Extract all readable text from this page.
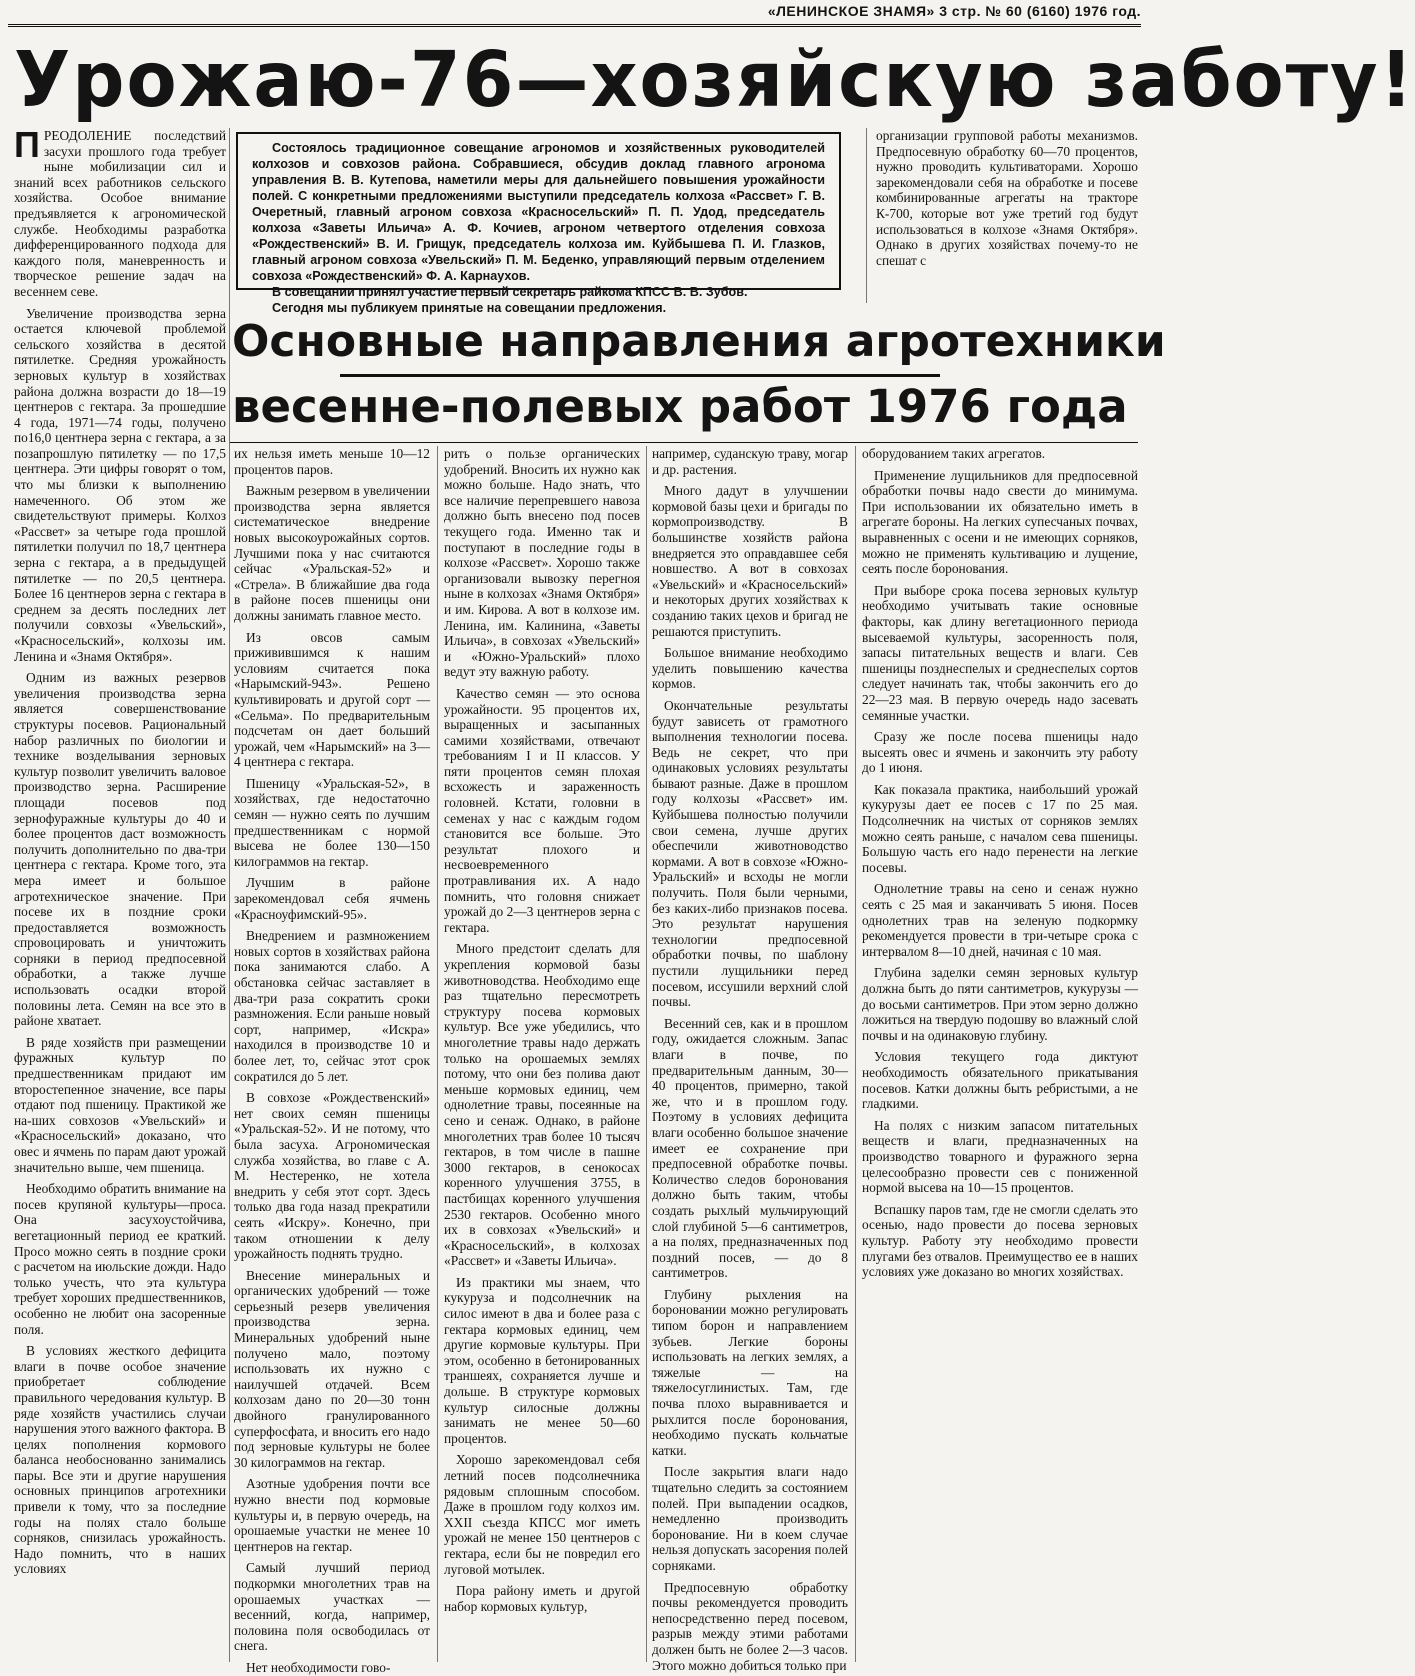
«ЛЕНИНСКОЕ ЗНАМЯ» 3 стр. № 60 (6160) 1976 год.
Урожаю-76—хозяйскую заботу!

ПРЕОДОЛЕНИЕ последствий засухи прошлого года требует ныне мобилизации сил и знаний всех работников сельского хозяйства. Особое внимание предъявляется к агрономической службе. Необходимы разработка дифференцированного подхода для каждого поля, маневренность и творческое решение задач на весеннем севе.

Увеличение производства зерна остается ключевой проблемой сельского хозяйства в десятой пятилетке. Средняя урожайность зерновых культур в хозяйствах района должна возрасти до 18—19 центнеров с гектара. За прошедшие 4 года, 1971—74 годы, получено по16,0 центнера зерна с гектара, а за позапрошлую пятилетку — по 17,5 центнера. Эти цифры говорят о том, что мы близки к выполнению намеченного. Об этом же свидетельствуют примеры. Колхоз «Рассвет» за четыре года прошлой пятилетки получил по 18,7 центнера зерна с гектара, а в предыдущей пятилетке — по 20,5 центнера. Более 16 центнеров зерна с гектара в среднем за десять последних лет получили совхозы «Увельский», «Красносельский», колхозы им. Ленина и «Знамя Октября».

Одним из важных резервов увеличения производства зерна является совершенствование структуры посевов. Рациональный набор различных по биологии и технике возделывания зерновых культур позволит увеличить валовое производство зерна. Расширение площади посевов под зернофуражные культуры до 40 и более процентов даст возможность получить дополнительно по два-три центнера с гектара. Кроме того, эта мера имеет и большое агротехническое значение. При посеве их в поздние сроки предоставляется возможность спровоцировать и уничтожить сорняки в период предпосевной обработки, а также лучше использовать осадки второй половины лета. Семян на все это в районе хватает.

В ряде хозяйств при размещении фуражных культур по предшественникам придают им второстепенное значение, все пары отдают под пшеницу. Практикой же на-ших совхозов «Увельский» и «Красносельский» доказано, что овес и ячмень по парам дают урожай значительно выше, чем пшеница.

Необходимо обратить внимание на посев крупяной культуры—проса. Она засухоустойчива, вегетационный период ее краткий. Просо можно сеять в поздние сроки с расчетом на июльские дожди. Надо только учесть, что эта культура требует хороших предшественников, особенно не любит она засоренные поля.

В условиях жесткого дефицита влаги в почве особое значение приобретает соблюдение правильного чередования культур. В ряде хозяйств участились случаи нарушения этого важного фактора. В целях пополнения кормового баланса необоснованно занимались пары. Все эти и другие нарушения основных принципов агротехники привели к тому, что за последние годы на полях стало больше сорняков, снизилась урожайность. Надо помнить, что в наших условиях

Состоялось традиционное совещание агрономов и хозяйственных руководителей колхозов и совхозов района. Собравшиеся, обсудив доклад главного агронома управления В. В. Кутепова, наметили меры для дальнейшего повышения урожайности полей. С конкретными предложениями выступили председатель колхоза «Рассвет» Г. В. Очеретный, главный агроном совхоза «Красносельский» П. П. Удод, председатель колхоза «Заветы Ильича» А. Ф. Кочиев, агроном четвертого отделения совхоза «Рождественский» В. И. Грищук, председатель колхоза им. Куйбышева П. И. Глазков, главный агроном совхоза «Увельский» П. М. Беденко, управляющий первым отделением совхоза «Рождественский» Ф. А. Карнаухов.

В совещании принял участие первый секретарь райкома КПСС В. В. Зубов.

Сегодня мы публикуем принятые на совещании предложения.

организации групповой работы механизмов. Предпосевную обработку 60—70 процентов, нужно проводить культиваторами. Хорошо зарекомендовали себя на обработке и посеве комбинированные агрегаты на тракторе К-700, которые вот уже третий год будут использоваться в колхозе «Знамя Октября». Однако в других хозяйствах почему-то не спешат с

Основные направления агротехники
весенне-полевых работ 1976 года

их нельзя иметь меньше 10—12 процентов паров.

Важным резервом в увеличении производства зерна является систематическое внедрение новых высокоурожайных сортов. Лучшими пока у нас считаются сейчас «Уральская-52» и «Стрела». В ближайшие два года в районе посев пшеницы они должны занимать главное место.

Из овсов самым приживившимся к нашим условиям считается пока «Нарымский-943». Решено культивировать и другой сорт — «Сельма». По предварительным подсчетам он дает больший урожай, чем «Нарымский» на 3—4 центнера с гектара.

Пшеницу «Уральская-52», в хозяйствах, где недостаточно семян — нужно сеять по лучшим предшественникам с нормой высева не более 130—150 килограммов на гектар.

Лучшим в районе зарекомендовал себя ячмень «Красноуфимский-95».

Внедрением и размножением новых сортов в хозяйствах района пока занимаются слабо. А обстановка сейчас заставляет в два-три раза сократить сроки размножения. Если раньше новый сорт, например, «Искра» находился в производстве 10 и более лет, то, сейчас этот срок сократился до 5 лет.

В совхозе «Рождественский» нет своих семян пшеницы «Уральская-52». И не потому, что была засуха. Агрономическая служба хозяйства, во главе с А. М. Нестеренко, не хотела внедрить у себя этот сорт. Здесь только два года назад прекратили сеять «Искру». Конечно, при таком отношении к делу урожайность поднять трудно.

Внесение минеральных и органических удобрений — тоже серьезный резерв увеличения производства зерна. Минеральных удобрений ныне получено мало, поэтому использовать их нужно с наилучшей отдачей. Всем колхозам дано по 20—30 тонн двойного гранулированного суперфосфата, и вносить его надо под зерновые культуры не более 30 килограммов на гектар.

Азотные удобрения почти все нужно внести под кормовые культуры и, в первую очередь, на орошаемые участки не менее 10 центнеров на гектар.

Самый лучший период подкормки многолетних трав на орошаемых участках — весенний, когда, например, половина поля освободилась от снега.

Нет необходимости гово-

рить о пользе органических удобрений. Вносить их нужно как можно больше. Надо знать, что все наличие перепревшего навоза должно быть внесено под посев текущего года. Именно так и поступают в последние годы в колхозе «Рассвет». Хорошо также организовали вывозку перегноя ныне в колхозах «Знамя Октября» и им. Кирова. А вот в колхозе им. Ленина, им. Калинина, «Заветы Ильича», в совхозах «Увельский» и «Южно-Уральский» плохо ведут эту важную работу.

Качество семян — это основа урожайности. 95 процентов их, выращенных и засыпанных самими хозяйствами, отвечают требованиям I и II классов. У пяти процентов семян плохая всхожесть и зараженность головней. Кстати, головни в семенах у нас с каждым годом становится все больше. Это результат плохого и несвоевременного протравливания их. А надо помнить, что головня снижает урожай до 2—3 центнеров зерна с гектара.

Много предстоит сделать для укрепления кормовой базы животноводства. Необходимо еще раз тщательно пересмотреть структуру посева кормовых культур. Все уже убедились, что многолетние травы надо держать только на орошаемых землях потому, что они без полива дают меньше кормовых единиц, чем однолетние травы, посеянные на сено и сенаж. Однако, в районе многолетних трав более 10 тысяч гектаров, в том числе в пашне 3000 гектаров, в сенокосах коренного улучшения 3755, в пастбищах коренного улучшения 2530 гектаров. Особенно много их в совхозах «Увельский» и «Красносельский», в колхозах «Рассвет» и «Заветы Ильича».

Из практики мы знаем, что кукуруза и подсолнечник на силос имеют в два и более раза с гектара кормовых единиц, чем другие кормовые культуры. При этом, особенно в бетонированных траншеях, сохраняется лучше и дольше. В структуре кормовых культур силосные должны занимать не менее 50—60 процентов.

Хорошо зарекомендовал себя летний посев подсолнечника рядовым сплошным способом. Даже в прошлом году колхоз им. XXII съезда КПСС мог иметь урожай не менее 150 центнеров с гектара, если бы не повредил его луговой мотылек.

Пора району иметь и другой набор кормовых культур,

например, суданскую траву, могар и др. растения.

Много дадут в улучшении кормовой базы цехи и бригады по кормопроизводству. В большинстве хозяйств района внедряется это оправдавшее себя новшество. А вот в совхозах «Увельский» и «Красносельский» и некоторых других хозяйствах к созданию таких цехов и бригад не решаются приступить.

Большое внимание необходимо уделить повышению качества кормов.

Окончательные результаты будут зависеть от грамотного выполнения технологии посева. Ведь не секрет, что при одинаковых условиях результаты бывают разные. Даже в прошлом году колхозы «Рассвет» им. Куйбышева полностью получили свои семена, лучше других обеспечили животноводство кормами. А вот в совхозе «Южно-Уральский» и всходы не могли получить. Поля были черными, без каких-либо признаков посева. Это результат нарушения технологии предпосевной обработки почвы, по шаблону пустили лущильники перед посевом, иссушили верхний слой почвы.

Весенний сев, как и в прошлом году, ожидается сложным. Запас влаги в почве, по предварительным данным, 30—40 процентов, примерно, такой же, что и в прошлом году. Поэтому в условиях дефицита влаги особенно большое значение имеет ее сохранение при предпосевной обработке почвы. Количество следов боронования должно быть таким, чтобы создать рыхлый мульчирующий слой глубиной 5—6 сантиметров, а на полях, предназначенных под поздний посев, — до 8 сантиметров.

Глубину рыхления на бороновании можно регулировать типом борон и направлением зубьев. Легкие бороны использовать на легких землях, а тяжелые — на тяжелосуглинистых. Там, где почва плохо выравнивается и рыхлится после боронования, необходимо пускать кольчатые катки.

После закрытия влаги надо тщательно следить за состоянием полей. При выпадении осадков, немедленно производить боронование. Ни в коем случае нельзя допускать засорения полей сорняками.

Предпосевную обработку почвы рекомендуется проводить непосредственно перед посевом, разрыв между этими работами должен быть не более 2—3 часов. Этого можно добиться только при

оборудованием таких агрегатов.

Применение лущильников для предпосевной обработки почвы надо свести до минимума. При использовании их обязательно иметь в агрегате бороны. На легких супесчаных почвах, выравненных с осени и не имеющих сорняков, можно не применять культивацию и лущение, сеять после боронования.

При выборе срока посева зерновых культур необходимо учитывать такие основные факторы, как длину вегетационного периода высеваемой культуры, засоренность поля, запасы питательных веществ и влаги. Сев пшеницы позднеспелых и среднеспелых сортов следует начинать так, чтобы закончить его до 22—23 мая. В первую очередь надо засевать семянные участки.

Сразу же после посева пшеницы надо высеять овес и ячмень и закончить эту работу до 1 июня.

Как показала практика, наибольший урожай кукурузы дает ее посев с 17 по 25 мая. Подсолнечник на чистых от сорняков землях можно сеять раньше, с началом сева пшеницы. Большую часть его надо перенести на легкие посевы.

Однолетние травы на сено и сенаж нужно сеять с 25 мая и заканчивать 5 июня. Посев однолетних трав на зеленую подкормку рекомендуется провести в три-четыре срока с интервалом 8—10 дней, начиная с 10 мая.

Глубина заделки семян зерновых культур должна быть до пяти сантиметров, кукурузы — до восьми сантиметров. При этом зерно должно ложиться на твердую подошву во влажный слой почвы и на одинаковую глубину.

Условия текущего года диктуют необходимость обязательного прикатывания посевов. Катки должны быть ребристыми, а не гладкими.

На полях с низким запасом питательных веществ и влаги, предназначенных на производство товарного и фуражного зерна целесообразно провести сев с пониженной нормой высева на 10—15 процентов.

Вспашку паров там, где не смогли сделать это осенью, надо провести до посева зерновых культур. Работу эту необходимо провести плугами без отвалов. Преимущество ее в наших условиях уже доказано во многих хозяйствах.
